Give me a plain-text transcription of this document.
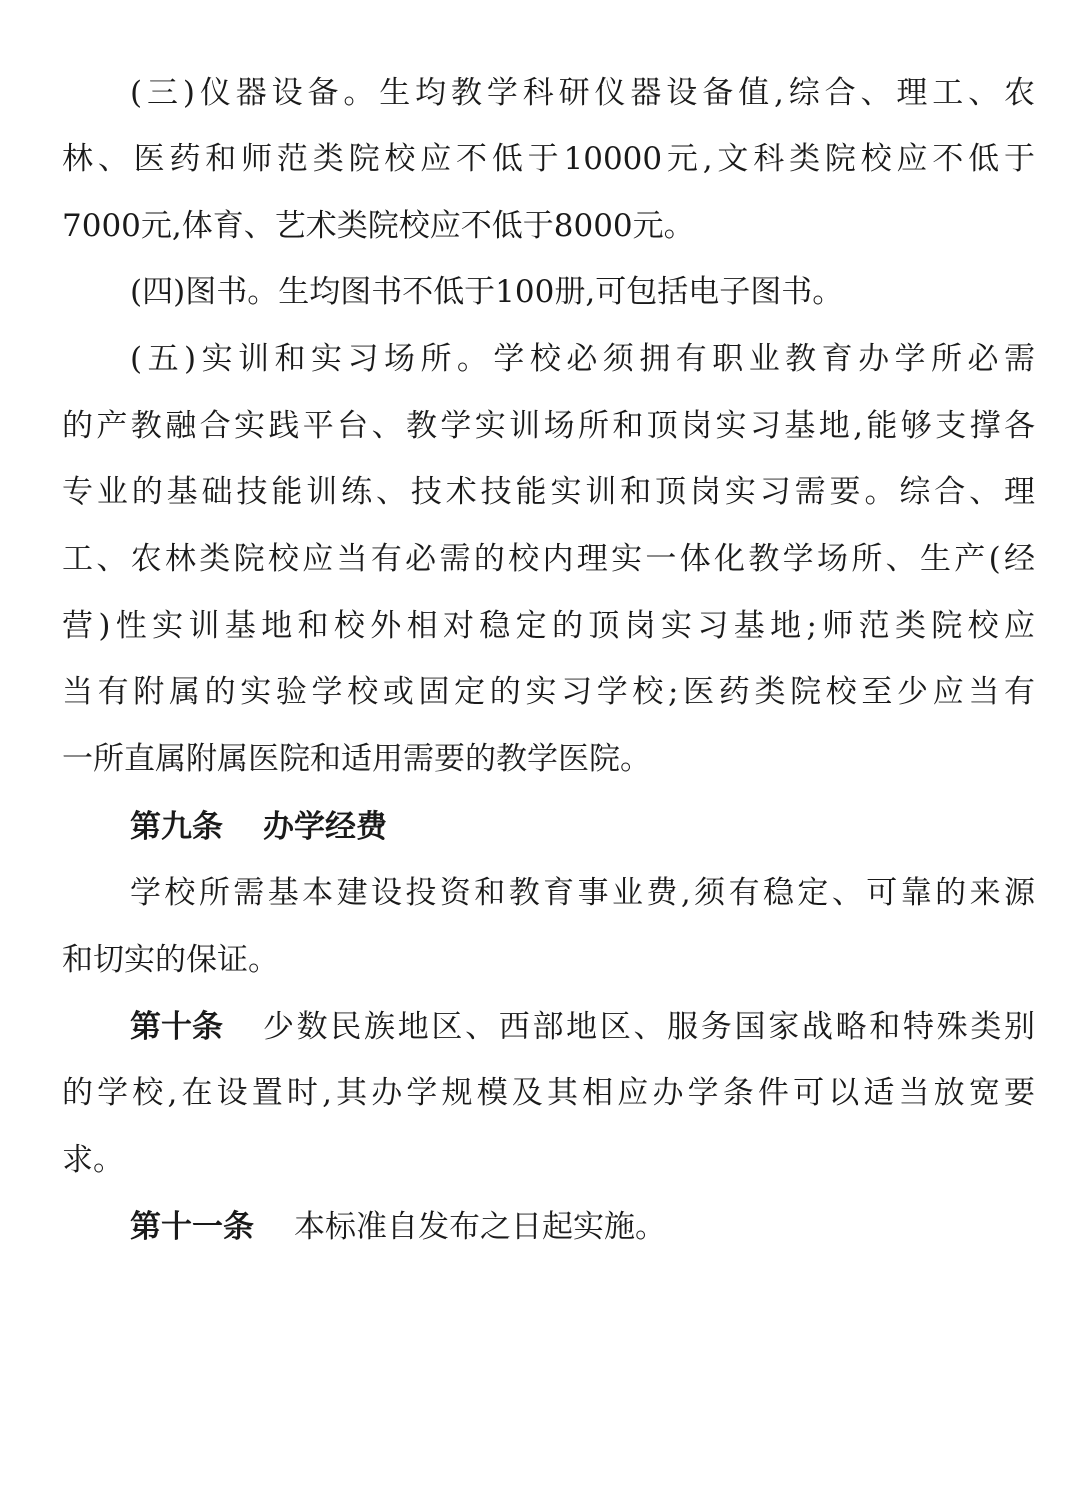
(三)仪器设备。生均教学科研仪器设备值,综合、理工、农
林、医药和师范类院校应不低于10000元,文科类院校应不低于
7000元,体育、艺术类院校应不低于8000元。
(四)图书。生均图书不低于100册,可包括电子图书。
(五)实训和实习场所。学校必须拥有职业教育办学所必需
的产教融合实践平台、教学实训场所和顶岗实习基地,能够支撑各
专业的基础技能训练、技术技能实训和顶岗实习需要。综合、理
工、农林类院校应当有必需的校内理实一体化教学场所、生产(经
营)性实训基地和校外相对稳定的顶岗实习基地;师范类院校应
当有附属的实验学校或固定的实习学校;医药类院校至少应当有
一所直属附属医院和适用需要的教学医院。
第九条 办学经费
学校所需基本建设投资和教育事业费,须有稳定、可靠的来源
和切实的保证。
第十条 少数民族地区、西部地区、服务国家战略和特殊类别
的学校,在设置时,其办学规模及其相应办学条件可以适当放宽要
求。
第十一条 本标准自发布之日起实施。
